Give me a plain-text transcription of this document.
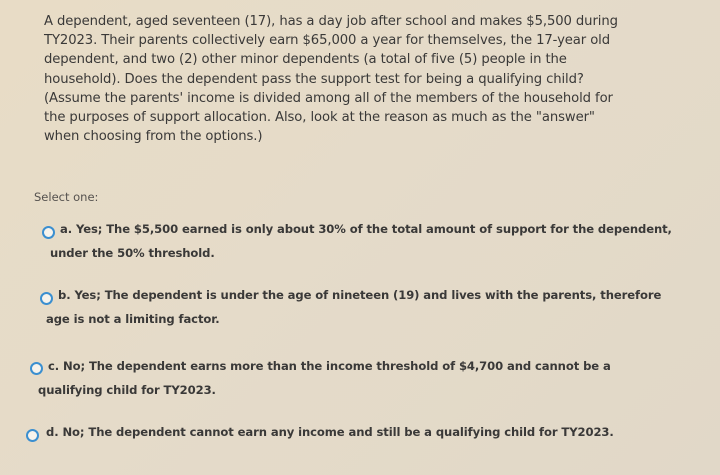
A dependent, aged seventeen (17), has a day job after school and makes $5,500 during
TY2023. Their parents collectively earn $65,000 a year for themselves, the 17-year old
dependent, and two (2) other minor dependents (a total of five (5) people in the
household). Does the dependent pass the support test for being a qualifying child?
(Assume the parents' income is divided among all of the members of the household for
the purposes of support allocation. Also, look at the reason as much as the "answer"
when choosing from the options.)

Select one:

a. Yes; The $5,500 earned is only about 30% of the total amount of support for the dependent,
under the 50% threshold.
b. Yes; The dependent is under the age of nineteen (19) and lives with the parents, therefore
age is not a limiting factor.
c. No; The dependent earns more than the income threshold of $4,700 and cannot be a
qualifying child for TY2023.
d. No; The dependent cannot earn any income and still be a qualifying child for TY2023.
